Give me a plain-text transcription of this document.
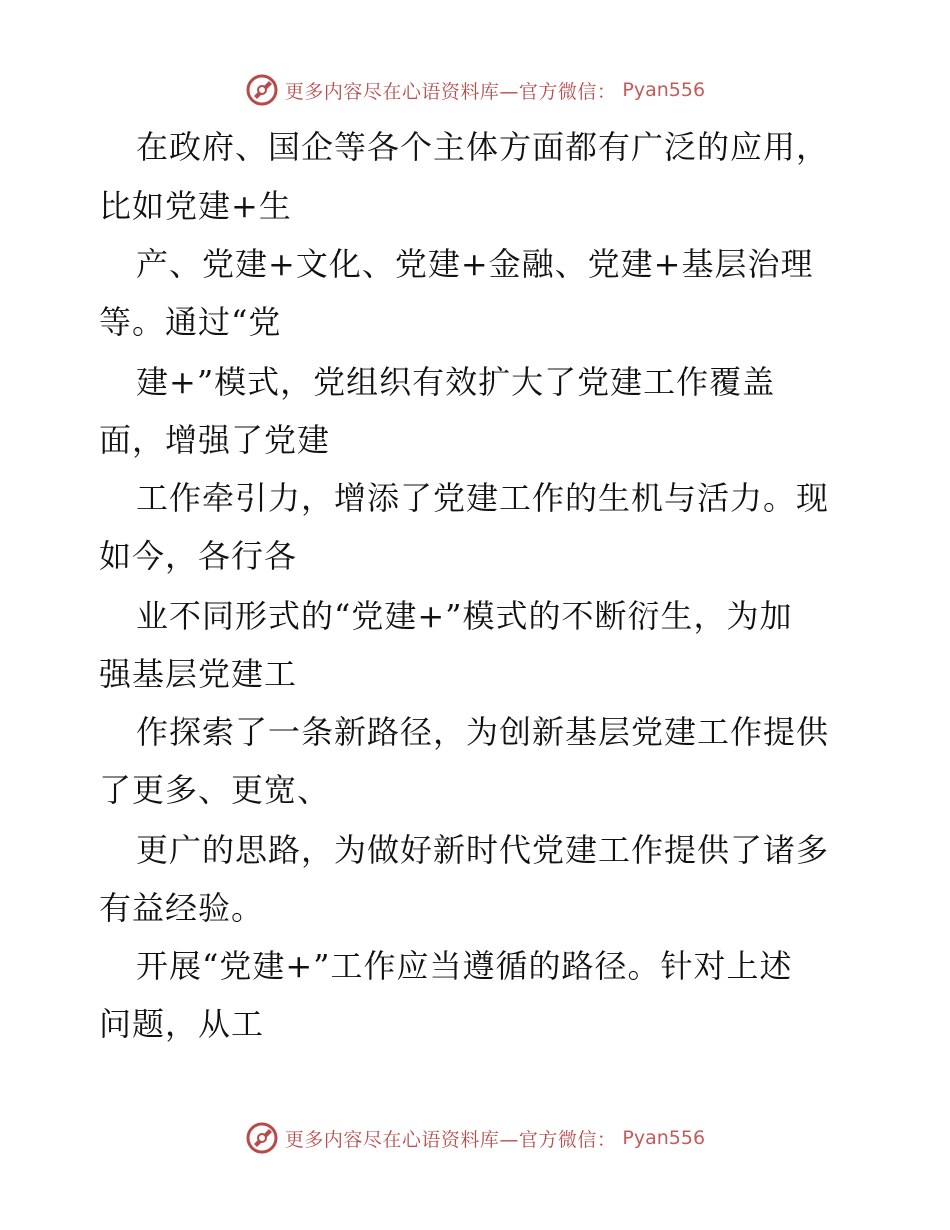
更多内容尽在心语资料库—官方微信： Pyan556
在政府、国企等各个主体方面都有广泛的应用，
比如党建+生
产、党建+文化、党建+金融、党建+基层治理
等。通过“党
建+”模式，党组织有效扩大了党建工作覆盖
面，增强了党建
工作牵引力，增添了党建工作的生机与活力。现
如今，各行各
业不同形式的“党建+”模式的不断衍生，为加
强基层党建工
作探索了一条新路径，为创新基层党建工作提供
了更多、更宽、
更广的思路，为做好新时代党建工作提供了诸多
有益经验。
开展“党建+”工作应当遵循的路径。针对上述
问题，从工
更多内容尽在心语资料库—官方微信： Pyan556
